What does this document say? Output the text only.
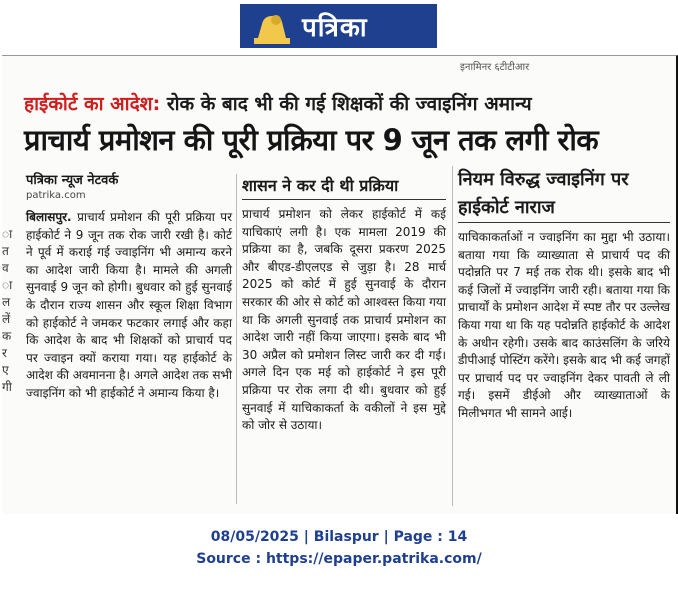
पत्रिका
इनामिनर ६टीटीआर
हाईकोर्ट का आदेश: रोक के बाद भी की गई शिक्षकों की ज्वाइनिंग अमान्य
प्राचार्य प्रमोशन की पूरी प्रक्रिया पर 9 जून तक लगी रोक
ा
त
व
ा
ल
लें
क
र
ए
गी
पत्रिका न्यूज नेटवर्क
patrika.com
बिलासपुर. प्राचार्य प्रमोशन की पूरी प्रक्रिया पर हाईकोर्ट ने 9 जून तक रोक जारी रखी है। कोर्ट ने पूर्व में कराई गई ज्वाइनिंग भी अमान्य करने का आदेश जारी किया है। मामले की अगली सुनवाई 9 जून को होगी। बुधवार को हुई सुनवाई के दौरान राज्य शासन और स्कूल शिक्षा विभाग को हाईकोर्ट ने जमकर फटकार लगाई और कहा कि आदेश के बाद भी शिक्षकों को प्राचार्य पद पर ज्वाइन क्यों कराया गया। यह हाईकोर्ट के आदेश की अवमानना है। अगले आदेश तक सभी ज्वाइनिंग को भी हाईकोर्ट ने अमान्य किया है।
शासन ने कर दी थी प्रक्रिया
प्राचार्य प्रमोशन को लेकर हाईकोर्ट में कई याचिकाएं लगी है। एक मामला 2019 की प्रक्रिया का है, जबकि दूसरा प्रकरण 2025 और बीएड-डीएलएड से जुड़ा है। 28 मार्च 2025 को कोर्ट में हुई सुनवाई के दौरान सरकार की ओर से कोर्ट को आश्वस्त किया गया था कि अगली सुनवाई तक प्राचार्य प्रमोशन का आदेश जारी नहीं किया जाएगा। इसके बाद भी 30 अप्रैल को प्रमोशन लिस्ट जारी कर दी गई। अगले दिन एक मई को हाईकोर्ट ने इस पूरी प्रक्रिया पर रोक लगा दी थी। बुधवार को हुई सुनवाई में याचिकाकर्ता के वकीलों ने इस मुद्दे को जोर से उठाया।
नियम विरुद्ध ज्वाइनिंग पर हाईकोर्ट नाराज
याचिकाकर्ताओं न ज्वाइनिंग का मुद्दा भी उठाया। बताया गया कि व्याख्याता से प्राचार्य पद की पदोन्नति पर 7 मई तक रोक थी। इसके बाद भी कई जिलों में ज्वाइनिंग जारी रही। बताया गया कि प्राचार्यों के प्रमोशन आदेश में स्पष्ट तौर पर उल्लेख किया गया था कि यह पदोन्नति हाईकोर्ट के आदेश के अधीन रहेगी। उसके बाद काउंसलिंग के जरिये डीपीआई पोस्टिंग करेंगे। इसके बाद भी कई जगहों पर प्राचार्य पद पर ज्वाइनिंग देकर पावती ले ली गई। इसमें डीईओ और व्याख्याताओं के मिलीभगत भी सामने आई।
08/05/2025 | Bilaspur | Page : 14
Source : https://epaper.patrika.com/
